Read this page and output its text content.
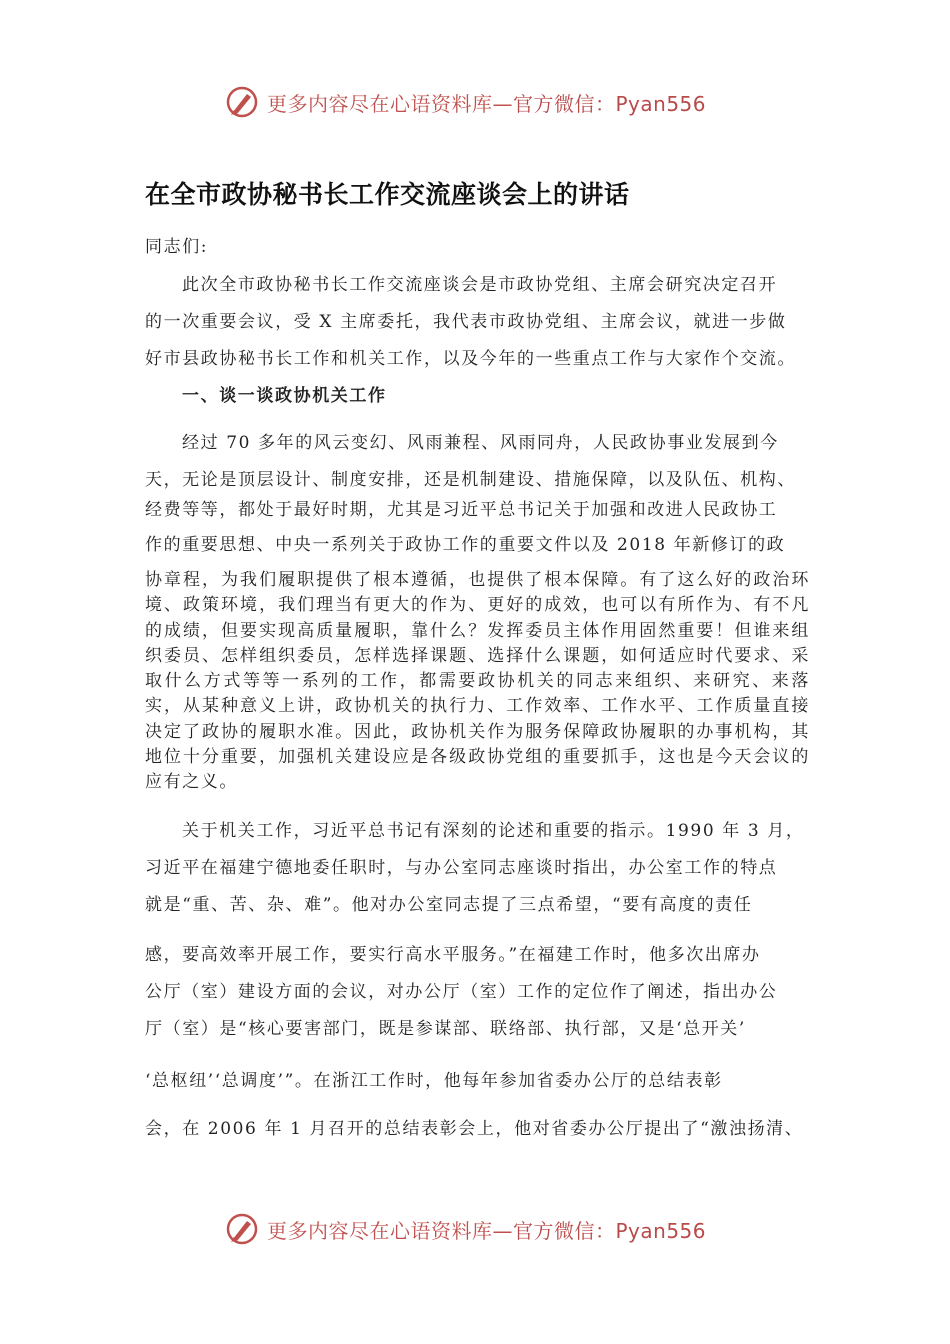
更多内容尽在心语资料库—官方微信：Pyan556
在全市政协秘书长工作交流座谈会上的讲话
同志们:
此次全市政协秘书长工作交流座谈会是市政协党组、主席会研究决定召开
的一次重要会议，受 X 主席委托，我代表市政协党组、主席会议，就进一步做
好市县政协秘书长工作和机关工作，以及今年的一些重点工作与大家作个交流。
一、谈一谈政协机关工作
经过 70 多年的风云变幻、风雨兼程、风雨同舟，人民政协事业发展到今
天，无论是顶层设计、制度安排，还是机制建设、措施保障，以及队伍、机构、
经费等等，都处于最好时期，尤其是习近平总书记关于加强和改进人民政协工
作的重要思想、中央一系列关于政协工作的重要文件以及 2018 年新修订的政
协章程，为我们履职提供了根本遵循，也提供了根本保障。有了这么好的政治环境、政策环境，我们理当有更大的作为、更好的成效，也可以有所作为、有不凡的成绩，但要实现高质量履职，靠什么？发挥委员主体作用固然重要！但谁来组织委员、怎样组织委员，怎样选择课题、选择什么课题，如何适应时代要求、采取什么方式等等一系列的工作，都需要政协机关的同志来组织、来研究、来落实，从某种意义上讲，政协机关的执行力、工作效率、工作水平、工作质量直接决定了政协的履职水准。因此，政协机关作为服务保障政协履职的办事机构，其地位十分重要，加强机关建设应是各级政协党组的重要抓手，这也是今天会议的应有之义。
关于机关工作，习近平总书记有深刻的论述和重要的指示。1990 年 3 月，
习近平在福建宁德地委任职时，与办公室同志座谈时指出，办公室工作的特点
就是“重、苦、杂、难”。他对办公室同志提了三点希望，“要有高度的责任
感，要高效率开展工作，要实行高水平服务。”在福建工作时，他多次出席办
公厅（室）建设方面的会议，对办公厅（室）工作的定位作了阐述，指出办公
厅（室）是“核心要害部门，既是参谋部、联络部、执行部，又是‘总开关’
‘总枢纽’‘总调度’”。在浙江工作时，他每年参加省委办公厅的总结表彰
会，在 2006 年 1 月召开的总结表彰会上，他对省委办公厅提出了“激浊扬清、
更多内容尽在心语资料库—官方微信：Pyan556
